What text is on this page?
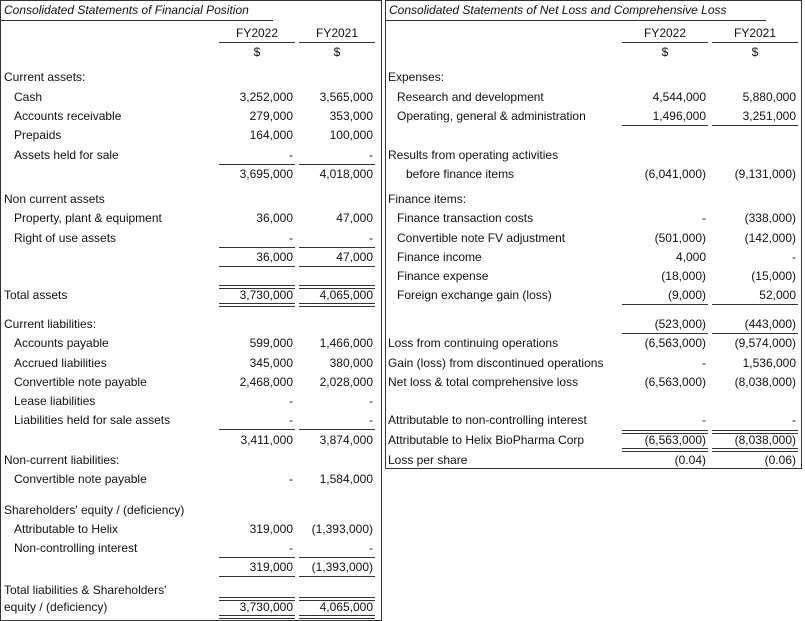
Consolidated Statements of Financial Position
FY2022	FY2021
$	$
Current assets:
Cash	3,252,000	3,565,000
Accounts receivable	279,000	353,000
Prepaids	164,000	100,000
Assets held for sale	-	-
3,695,000	4,018,000
Non current assets
Property, plant & equipment	36,000	47,000
Right of use assets	-	-
36,000	47,000
Total assets	3,730,000	4,065,000
Current liabilities:
Accounts payable	599,000	1,466,000
Accrued liabilities	345,000	380,000
Convertible note payable	2,468,000	2,028,000
Lease liabilities	-	-
Liabilities held for sale assets	-	-
3,411,000	3,874,000
Non-current liabilities:
Convertible note payable	-	1,584,000
Shareholders' equity / (deficiency)
Attributable to Helix	319,000	(1,393,000)
Non-controlling interest	-	-
319,000	(1,393,000)
Total liabilities & Shareholders'
equity / (deficiency)	3,730,000	4,065,000
Consolidated Statements of Net Loss and Comprehensive Loss
FY2022	FY2021
$	$
Expenses:
Research and development	4,544,000	5,880,000
Operating, general & administration	1,496,000	3,251,000
Results from operating activities
before finance items	(6,041,000)	(9,131,000)
Finance items:
Finance transaction costs	-	(338,000)
Convertible note FV adjustment	(501,000)	(142,000)
Finance income	4,000	-
Finance expense	(18,000)	(15,000)
Foreign exchange gain (loss)	(9,000)	52,000
(523,000)	(443,000)
Loss from continuing operations	(6,563,000)	(9,574,000)
Gain (loss) from discontinued operations	-	1,536,000
Net loss & total comprehensive loss	(6,563,000)	(8,038,000)
Attributable to non-controlling interest	-	-
Attributable to Helix BioPharma Corp	(6,563,000)	(8,038,000)
Loss per share	(0.04)	(0.06)
